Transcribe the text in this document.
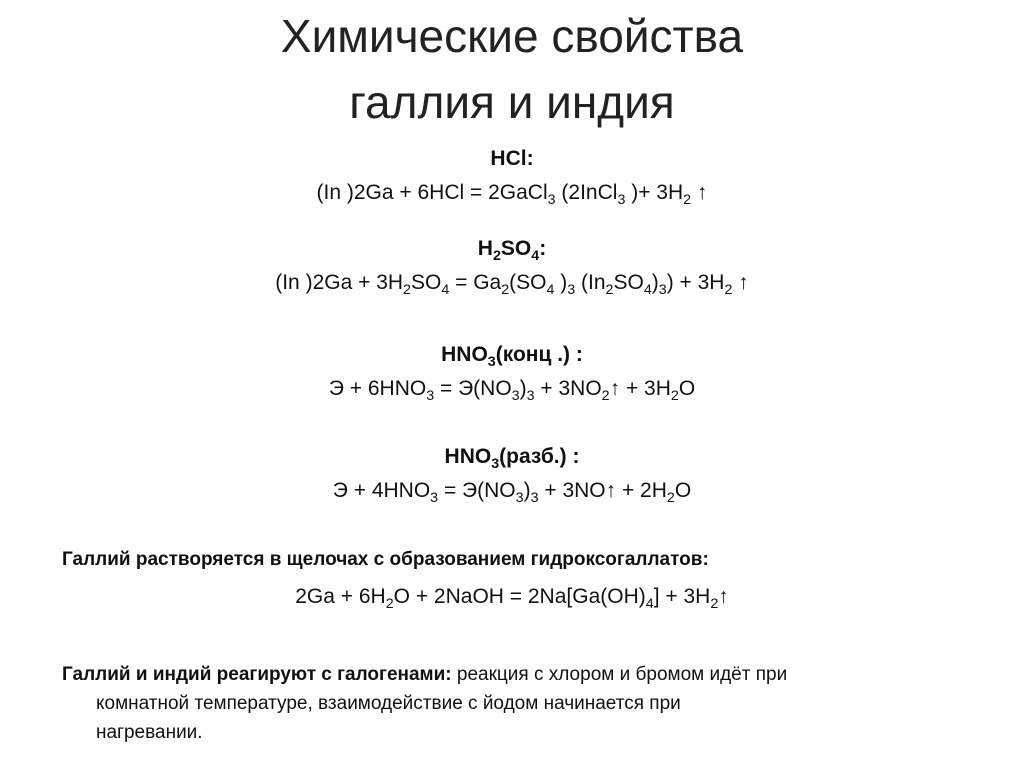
Химические свойства
галлия и индия
HCl:
(In )2Ga + 6HCl = 2GaCl$_3$ (2InCl$_3$ )+ $3H_2$ ↑
$H_2SO_4$:
(In )$2Ga + 3H_2SO_4 = Ga_2(SO_4$ )$_3$ $(In_2SO_4)_3) + 3H_2$ ↑
$HNO_3(конц$ .) :
$Э + 6HNO_3 = Э(NO_3)_3$ + $3NO_2↑ + 3H_2O$
$HNO_3(разб.)$ :
$Э + 4HNO_3 = Э(NO_3)_3$ + 3NO↑ + $2H_2O$
Галлий растворяется в щелочах с образованием гидроксогаллатов:
$2Ga + 6H_2O$ + 2NaOH = $2Na[Ga(OH)_4]$ + $3H_2↑$
Галлий и индий реагируют с галогенами: реакция с хлором и бромом идёт при
комнатной температуре, взаимодействие с йодом начинается при
нагревании.
